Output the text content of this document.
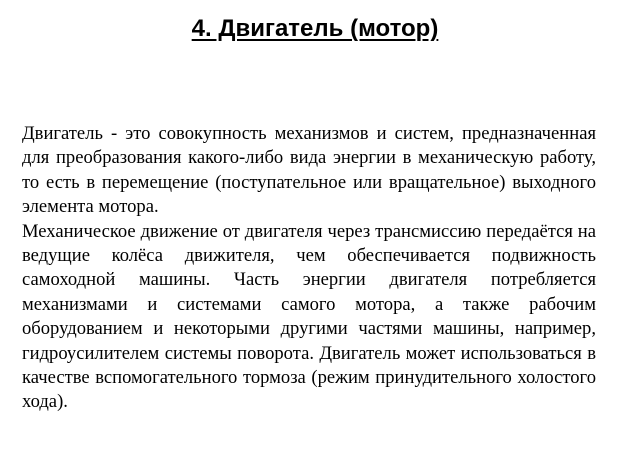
4. Двигатель (мотор)

Двигатель - это совокупность механизмов и систем, предназначенная для преобразования какого-либо вида энергии в механическую работу, то есть в перемещение (поступательное или вращательное) выходного элемента мотора.

Механическое движение от двигателя через трансмиссию передаётся на ведущие колёса движителя, чем обеспечивается подвижность самоходной машины. Часть энергии двигателя потребляется механизмами и системами самого мотора, а также рабочим оборудованием и некоторыми другими частями машины, например, гидроусилителем системы поворота. Двигатель может использоваться в качестве вспомогательного тормоза (режим принудительного холостого хода).
